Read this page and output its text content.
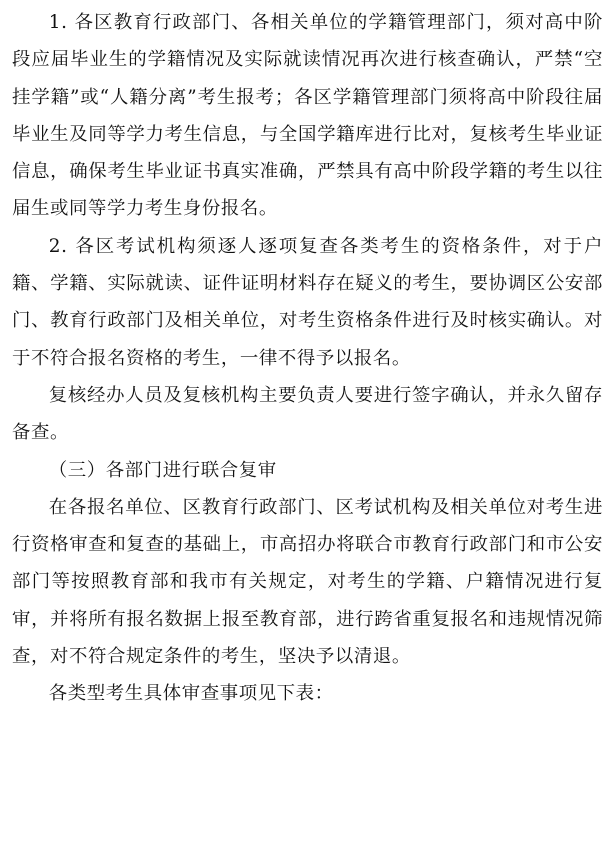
1. 各区教育行政部门、各相关单位的学籍管理部门，须对高中阶段应届毕业生的学籍情况及实际就读情况再次进行核查确认，严禁“空挂学籍”或“人籍分离”考生报考；各区学籍管理部门须将高中阶段往届毕业生及同等学力考生信息，与全国学籍库进行比对，复核考生毕业证信息，确保考生毕业证书真实准确，严禁具有高中阶段学籍的考生以往届生或同等学力考生身份报名。

2. 各区考试机构须逐人逐项复查各类考生的资格条件，对于户籍、学籍、实际就读、证件证明材料存在疑义的考生，要协调区公安部门、教育行政部门及相关单位，对考生资格条件进行及时核实确认。对于不符合报名资格的考生，一律不得予以报名。

复核经办人员及复核机构主要负责人要进行签字确认，并永久留存备查。

（三）各部门进行联合复审

在各报名单位、区教育行政部门、区考试机构及相关单位对考生进行资格审查和复查的基础上，市高招办将联合市教育行政部门和市公安部门等按照教育部和我市有关规定，对考生的学籍、户籍情况进行复审，并将所有报名数据上报至教育部，进行跨省重复报名和违规情况筛查，对不符合规定条件的考生，坚决予以清退。

各类型考生具体审查事项见下表：
